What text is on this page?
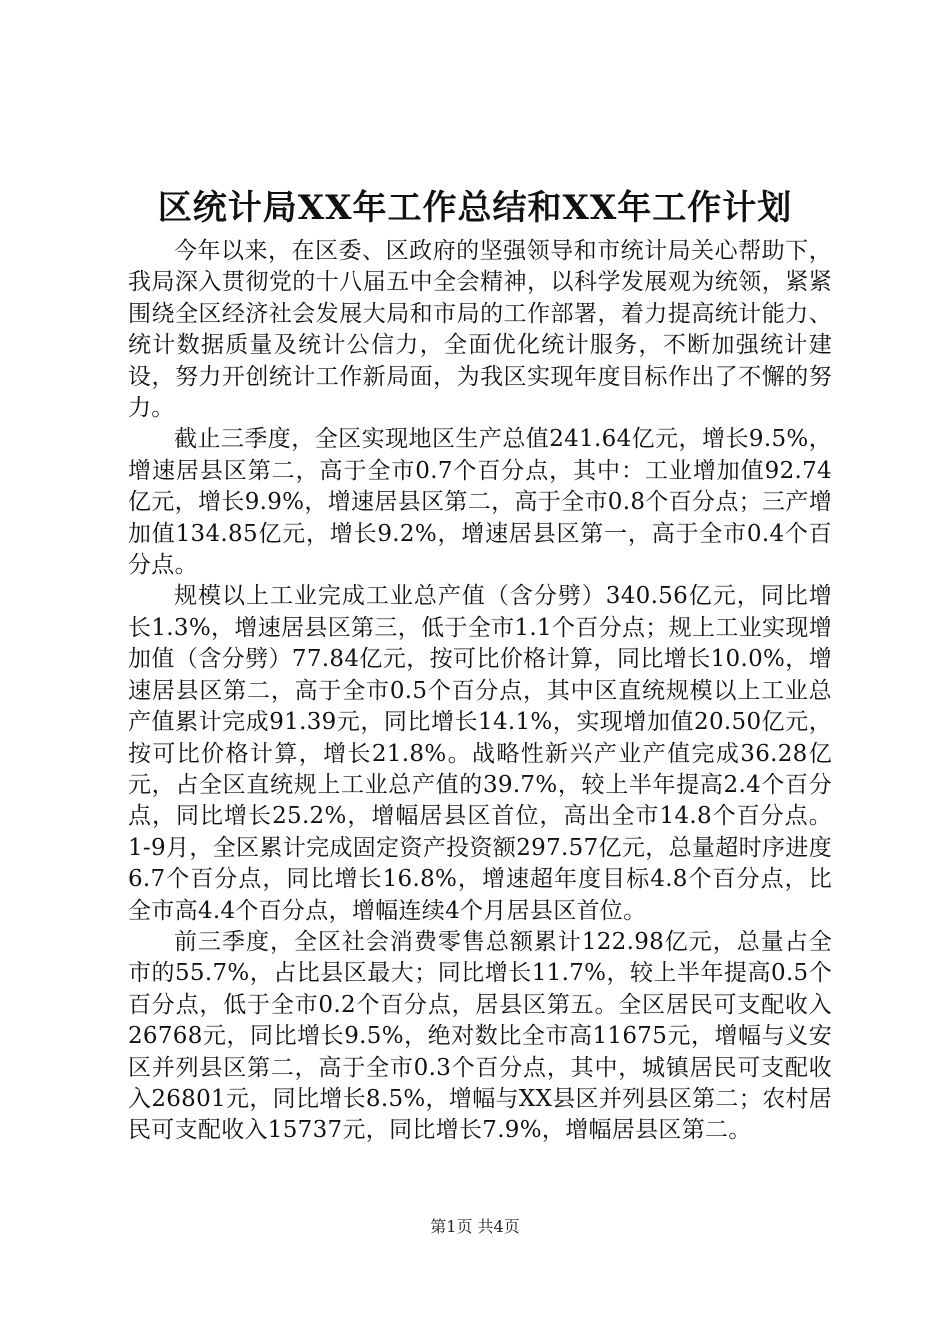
区统计局XX年工作总结和XX年工作计划

今年以来，在区委、区政府的坚强领导和市统计局关心帮助下，我局深入贯彻党的十八届五中全会精神，以科学发展观为统领，紧紧围绕全区经济社会发展大局和市局的工作部署，着力提高统计能力、统计数据质量及统计公信力，全面优化统计服务，不断加强统计建设，努力开创统计工作新局面，为我区实现年度目标作出了不懈的努力。

截止三季度，全区实现地区生产总值241.64亿元，增长9.5%，增速居县区第二，高于全市0.7个百分点，其中：工业增加值92.74亿元，增长9.9%，增速居县区第二，高于全市0.8个百分点；三产增加值134.85亿元，增长9.2%，增速居县区第一，高于全市0.4个百分点。

规模以上工业完成工业总产值（含分劈）340.56亿元，同比增长1.3%，增速居县区第三，低于全市1.1个百分点；规上工业实现增加值（含分劈）77.84亿元，按可比价格计算，同比增长10.0%，增速居县区第二，高于全市0.5个百分点，其中区直统规模以上工业总产值累计完成91.39元，同比增长14.1%，实现增加值20.50亿元，按可比价格计算，增长21.8%。战略性新兴产业产值完成36.28亿元，占全区直统规上工业总产值的39.7%，较上半年提高2.4个百分点，同比增长25.2%，增幅居县区首位，高出全市14.8个百分点。1-9月，全区累计完成固定资产投资额297.57亿元，总量超时序进度6.7个百分点，同比增长16.8%，增速超年度目标4.8个百分点，比全市高4.4个百分点，增幅连续4个月居县区首位。

前三季度，全区社会消费零售总额累计122.98亿元，总量占全市的55.7%，占比县区最大；同比增长11.7%，较上半年提高0.5个百分点，低于全市0.2个百分点，居县区第五。全区居民可支配收入26768元，同比增长9.5%，绝对数比全市高11675元，增幅与义安区并列县区第二，高于全市0.3个百分点，其中，城镇居民可支配收入26801元，同比增长8.5%，增幅与XX县区并列县区第二；农村居民可支配收入15737元，同比增长7.9%，增幅居县区第二。

第1页 共4页
